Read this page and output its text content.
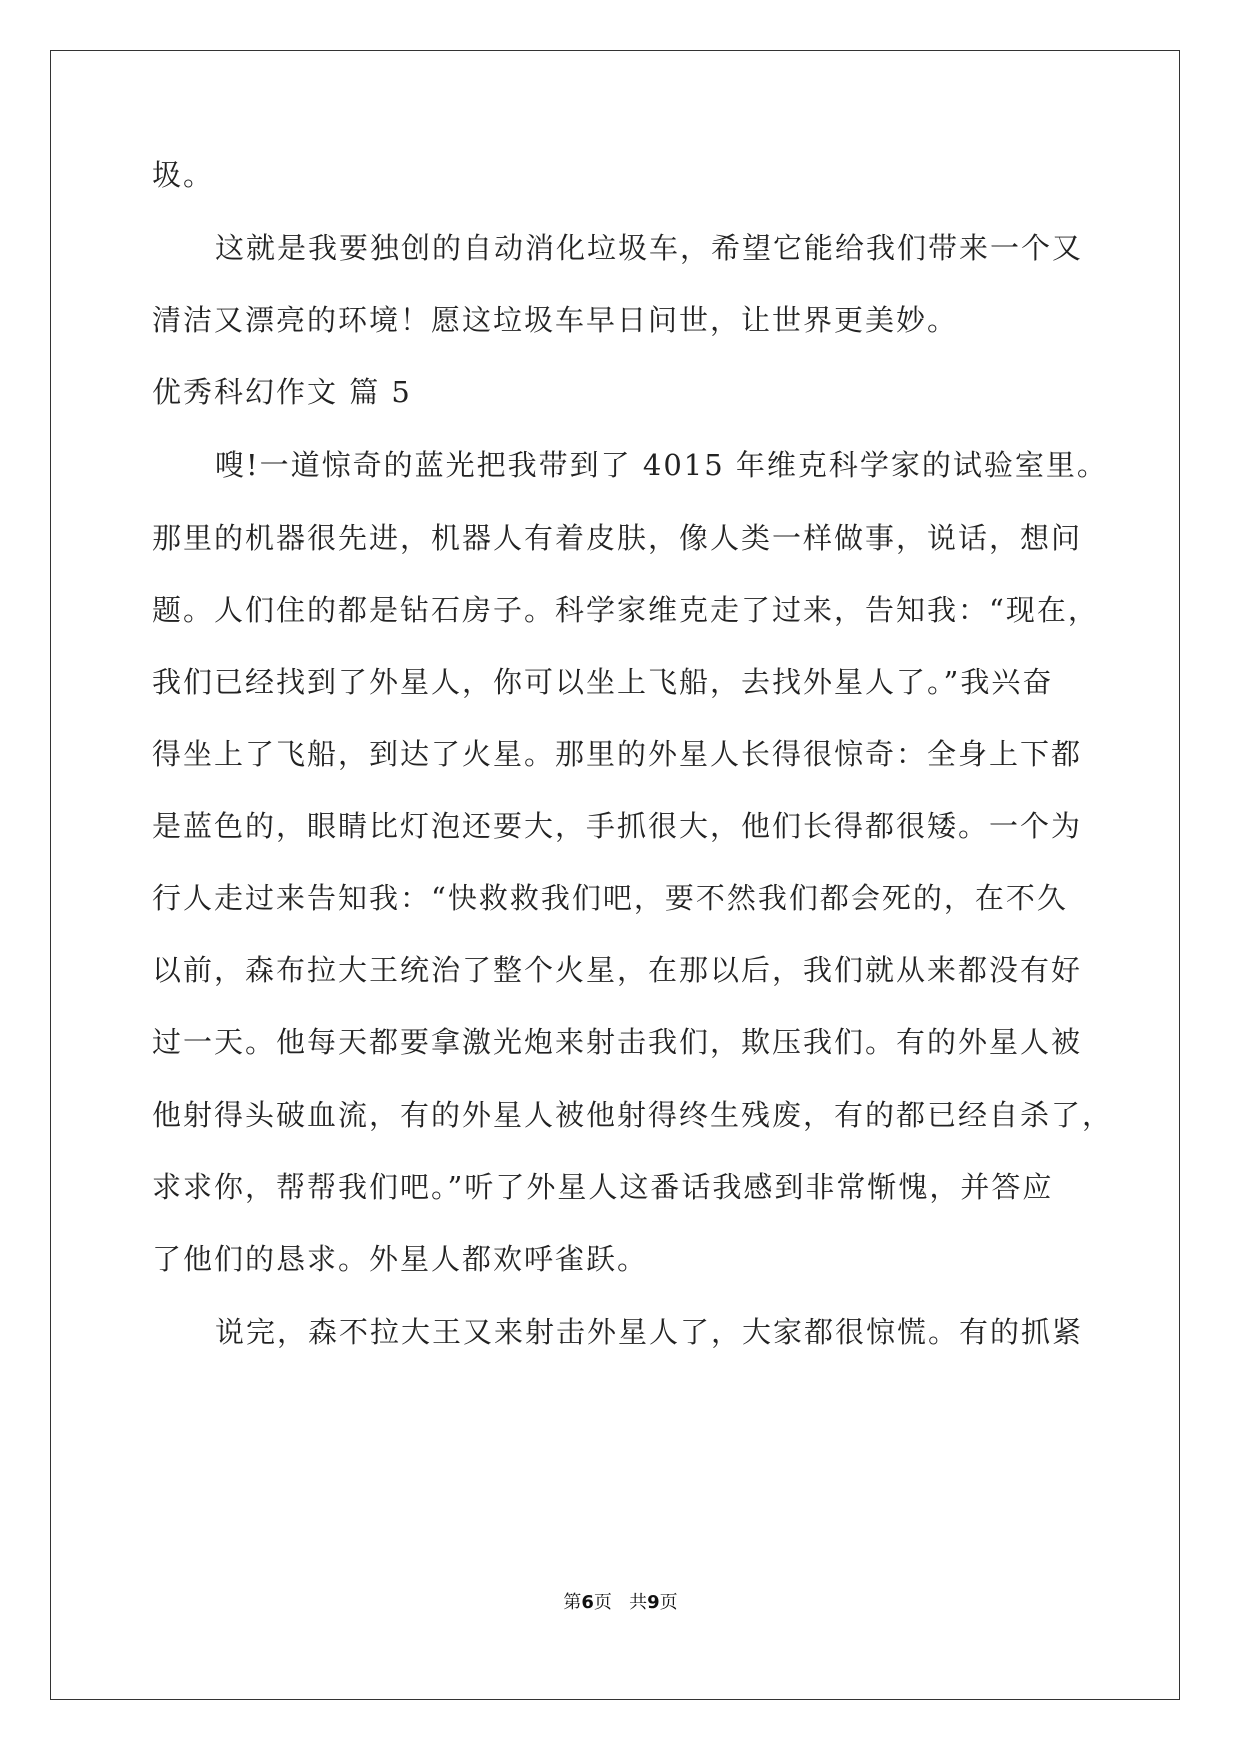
圾。
这就是我要独创的自动消化垃圾车，希望它能给我们带来一个又
清洁又漂亮的环境！愿这垃圾车早日问世，让世界更美妙。
优秀科幻作文 篇 5
嗖!一道惊奇的蓝光把我带到了 4015 年维克科学家的试验室里。
那里的机器很先进，机器人有着皮肤，像人类一样做事，说话，想问
题。人们住的都是钻石房子。科学家维克走了过来，告知我：“现在，
我们已经找到了外星人，你可以坐上飞船，去找外星人了。”我兴奋
得坐上了飞船，到达了火星。那里的外星人长得很惊奇：全身上下都
是蓝色的，眼睛比灯泡还要大，手抓很大，他们长得都很矮。一个为
行人走过来告知我：“快救救我们吧，要不然我们都会死的，在不久
以前，森布拉大王统治了整个火星，在那以后，我们就从来都没有好
过一天。他每天都要拿激光炮来射击我们，欺压我们。有的外星人被
他射得头破血流，有的外星人被他射得终生残废，有的都已经自杀了，
求求你，帮帮我们吧。”听了外星人这番话我感到非常惭愧，并答应
了他们的恳求。外星人都欢呼雀跃。
说完，森不拉大王又来射击外星人了，大家都很惊慌。有的抓紧
第6页 共9页
